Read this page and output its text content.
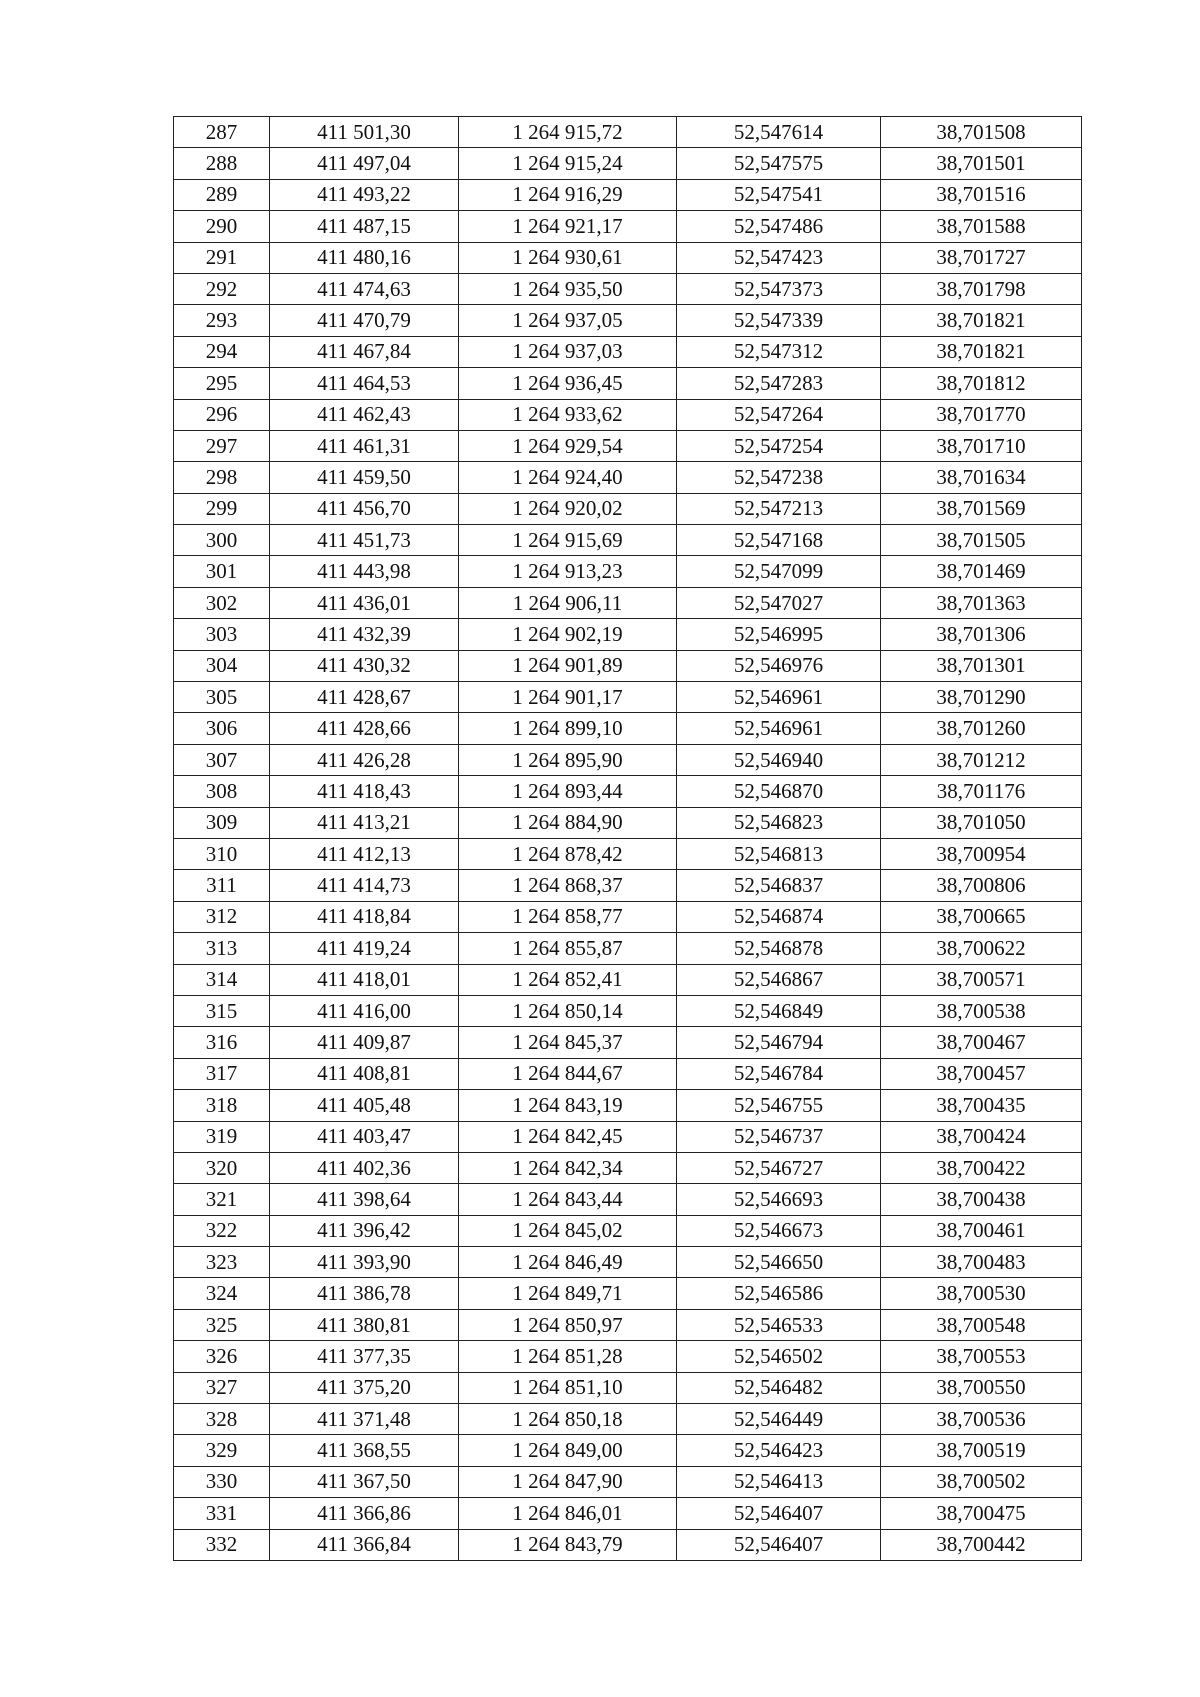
287	411 501,30	1 264 915,72	52,547614	38,701508
288	411 497,04	1 264 915,24	52,547575	38,701501
289	411 493,22	1 264 916,29	52,547541	38,701516
290	411 487,15	1 264 921,17	52,547486	38,701588
291	411 480,16	1 264 930,61	52,547423	38,701727
292	411 474,63	1 264 935,50	52,547373	38,701798
293	411 470,79	1 264 937,05	52,547339	38,701821
294	411 467,84	1 264 937,03	52,547312	38,701821
295	411 464,53	1 264 936,45	52,547283	38,701812
296	411 462,43	1 264 933,62	52,547264	38,701770
297	411 461,31	1 264 929,54	52,547254	38,701710
298	411 459,50	1 264 924,40	52,547238	38,701634
299	411 456,70	1 264 920,02	52,547213	38,701569
300	411 451,73	1 264 915,69	52,547168	38,701505
301	411 443,98	1 264 913,23	52,547099	38,701469
302	411 436,01	1 264 906,11	52,547027	38,701363
303	411 432,39	1 264 902,19	52,546995	38,701306
304	411 430,32	1 264 901,89	52,546976	38,701301
305	411 428,67	1 264 901,17	52,546961	38,701290
306	411 428,66	1 264 899,10	52,546961	38,701260
307	411 426,28	1 264 895,90	52,546940	38,701212
308	411 418,43	1 264 893,44	52,546870	38,701176
309	411 413,21	1 264 884,90	52,546823	38,701050
310	411 412,13	1 264 878,42	52,546813	38,700954
311	411 414,73	1 264 868,37	52,546837	38,700806
312	411 418,84	1 264 858,77	52,546874	38,700665
313	411 419,24	1 264 855,87	52,546878	38,700622
314	411 418,01	1 264 852,41	52,546867	38,700571
315	411 416,00	1 264 850,14	52,546849	38,700538
316	411 409,87	1 264 845,37	52,546794	38,700467
317	411 408,81	1 264 844,67	52,546784	38,700457
318	411 405,48	1 264 843,19	52,546755	38,700435
319	411 403,47	1 264 842,45	52,546737	38,700424
320	411 402,36	1 264 842,34	52,546727	38,700422
321	411 398,64	1 264 843,44	52,546693	38,700438
322	411 396,42	1 264 845,02	52,546673	38,700461
323	411 393,90	1 264 846,49	52,546650	38,700483
324	411 386,78	1 264 849,71	52,546586	38,700530
325	411 380,81	1 264 850,97	52,546533	38,700548
326	411 377,35	1 264 851,28	52,546502	38,700553
327	411 375,20	1 264 851,10	52,546482	38,700550
328	411 371,48	1 264 850,18	52,546449	38,700536
329	411 368,55	1 264 849,00	52,546423	38,700519
330	411 367,50	1 264 847,90	52,546413	38,700502
331	411 366,86	1 264 846,01	52,546407	38,700475
332	411 366,84	1 264 843,79	52,546407	38,700442
